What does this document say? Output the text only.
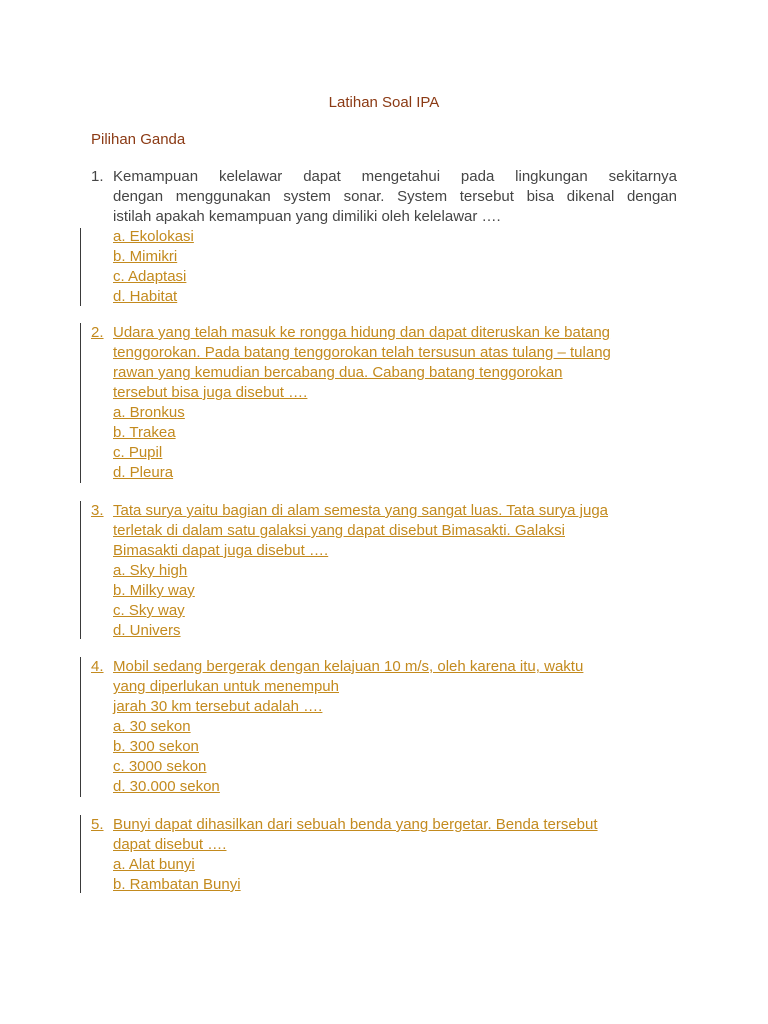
Latihan Soal IPA
Pilihan Ganda
1. Kemampuan kelelawar dapat mengetahui pada lingkungan sekitarnya
dengan menggunakan system sonar. System tersebut bisa dikenal dengan
istilah apakah kemampuan yang dimiliki oleh kelelawar ….
a. Ekolokasi
b. Mimikri
c. Adaptasi
d. Habitat
2. Udara yang telah masuk ke rongga hidung dan dapat diteruskan ke batang
tenggorokan. Pada batang tenggorokan telah tersusun atas tulang – tulang
rawan yang kemudian bercabang dua. Cabang batang tenggorokan
tersebut bisa juga disebut ….
a. Bronkus
b. Trakea
c. Pupil
d. Pleura
3. Tata surya yaitu bagian di alam semesta yang sangat luas. Tata surya juga
terletak di dalam satu galaksi yang dapat disebut Bimasakti. Galaksi
Bimasakti dapat juga disebut ….
a. Sky high
b. Milky way
c. Sky way
d. Univers
4. Mobil sedang bergerak dengan kelajuan 10 m/s, oleh karena itu, waktu
yang diperlukan untuk menempuh
jarah 30 km tersebut adalah ….
a. 30 sekon
b. 300 sekon
c. 3000 sekon
d. 30.000 sekon
5. Bunyi dapat dihasilkan dari sebuah benda yang bergetar. Benda tersebut
dapat disebut ….
a. Alat bunyi
b. Rambatan Bunyi
